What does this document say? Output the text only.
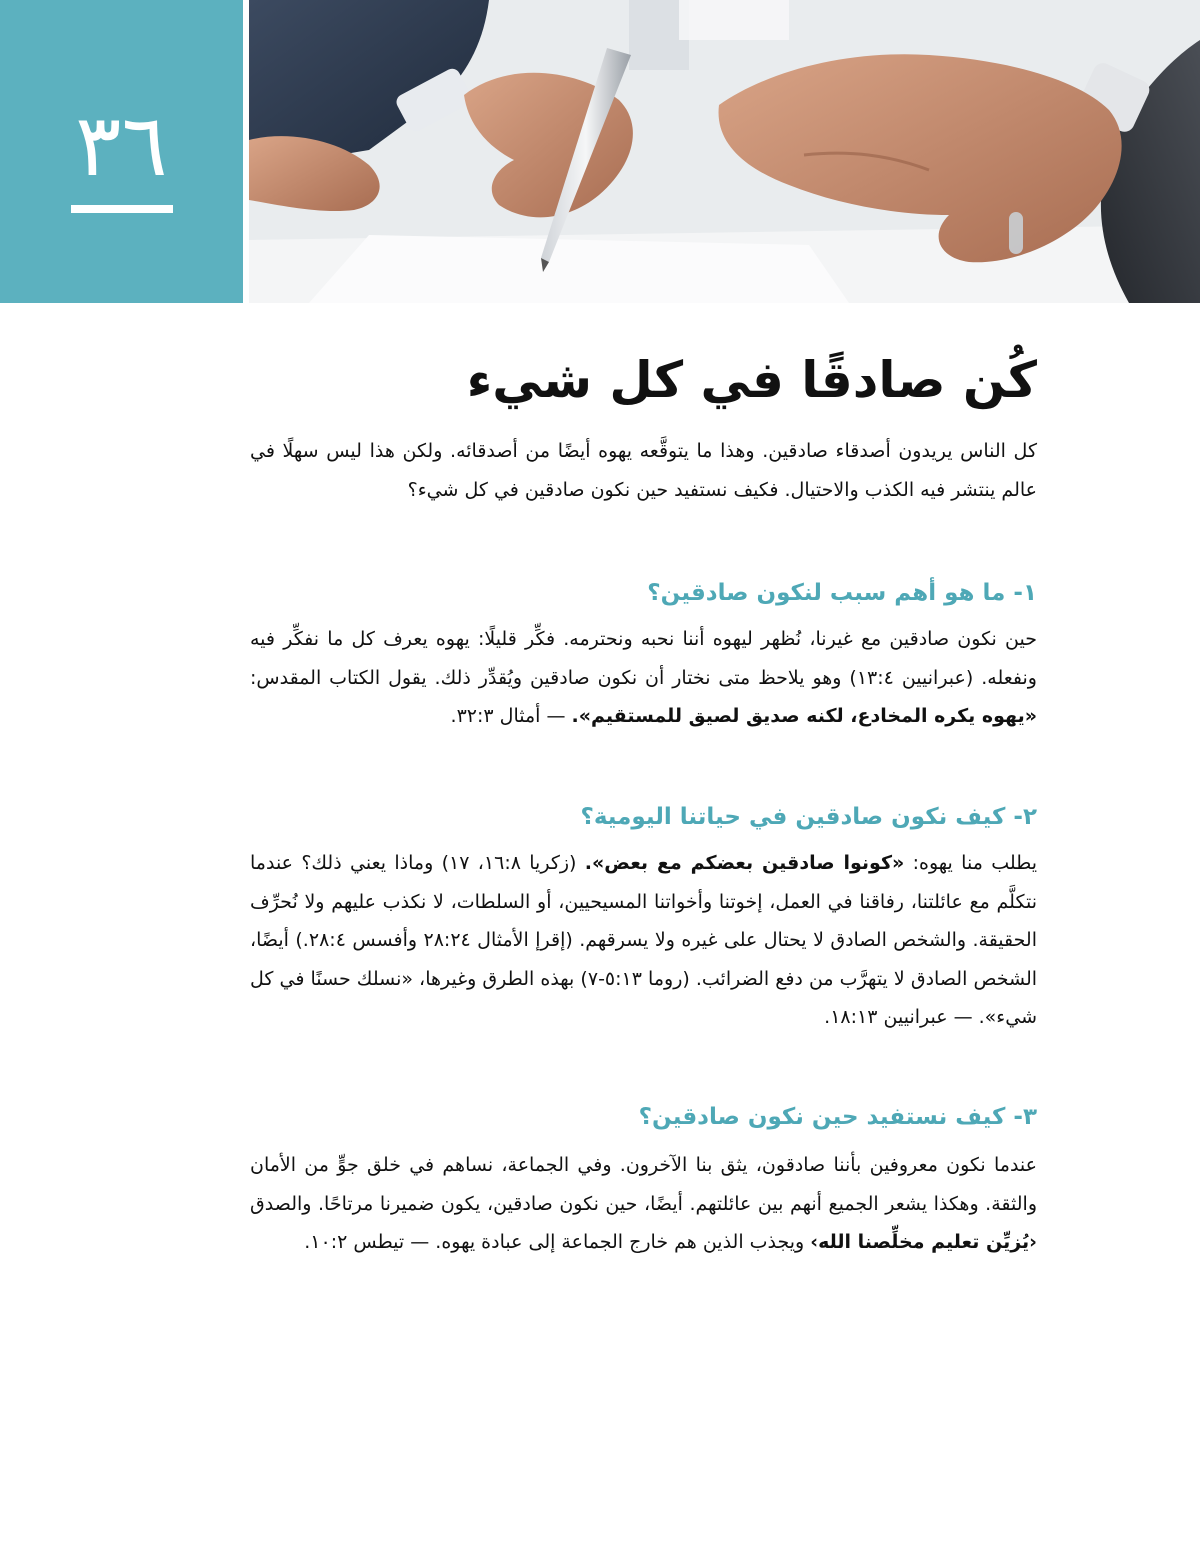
٣٦
كُن صادقًا في كل شيء

كل الناس يريدون أصدقاء صادقين. وهذا ما يتوقَّعه يهوه أيضًا من أصدقائه. ولكن هذا ليس سهلًا في عالم ينتشر فيه الكذب والاحتيال. فكيف نستفيد حين نكون صادقين في كل شيء؟

١- ما هو أهم سبب لنكون صادقين؟

حين نكون صادقين مع غيرنا، نُظهر ليهوه أننا نحبه ونحترمه. فكِّر قليلًا: يهوه يعرف كل ما نفكِّر فيه ونفعله. (عبرانيين ٤:‏١٣) وهو يلاحظ متى نختار أن نكون صادقين ويُقدِّر ذلك. يقول الكتاب المقدس: «يهوه يكره المخادع، لكنه صديق لصيق للمستقيم». — أمثال ٣:‏٣٢.

٢- كيف نكون صادقين في حياتنا اليومية؟

يطلب منا يهوه: «كونوا صادقين بعضكم مع بعض». (زكريا ٨:‏١٦، ١٧) وماذا يعني ذلك؟ عندما نتكلَّم مع عائلتنا، رفاقنا في العمل، إخوتنا وأخواتنا المسيحيين، أو السلطات، لا نكذب عليهم ولا نُحرِّف الحقيقة. والشخص الصادق لا يحتال على غيره ولا يسرقهم. (إقرإ الأمثال ٢٤:‏٢٨ وأفسس ٤:‏٢٨.) أيضًا، الشخص الصادق لا يتهرَّب من دفع الضرائب. (روما ١٣:‏٥-‏٧) بهذه الطرق وغيرها، «نسلك حسنًا في كل شيء». — عبرانيين ١٣:‏١٨.

٣- كيف نستفيد حين نكون صادقين؟

عندما نكون معروفين بأننا صادقون، يثق بنا الآخرون. وفي الجماعة، نساهم في خلق جوٍّ من الأمان والثقة. وهكذا يشعر الجميع أنهم بين عائلتهم. أيضًا، حين نكون صادقين، يكون ضميرنا مرتاحًا. والصدق ‹يُزيِّن تعليم مخلِّصنا الله› ويجذب الذين هم خارج الجماعة إلى عبادة يهوه. — تيطس ٢:‏١٠.
